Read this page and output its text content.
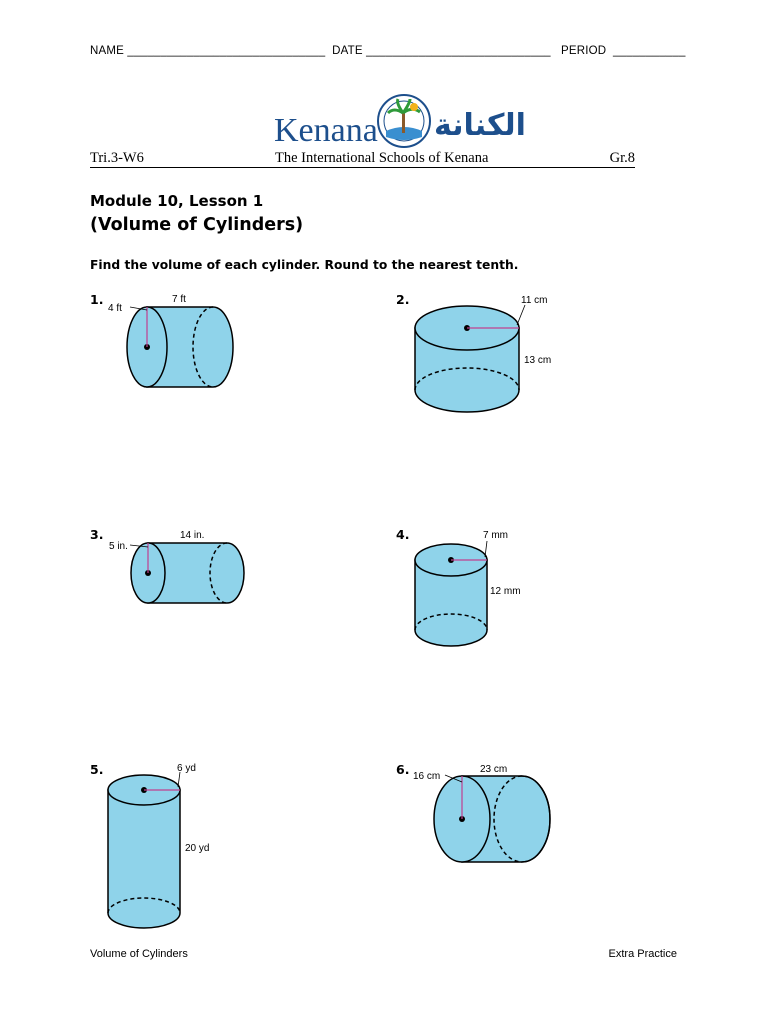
NAME ______________________________  DATE ____________________________   PERIOD  ___________
Kenana الكنانة
Tri.3-W6	The International Schools of Kenana	Gr.8
Module 10, Lesson 1
(Volume of Cylinders)
Find the volume of each cylinder. Round to the nearest tenth.
1.	2.
3.	4.
5.	6.
4 ft
7 ft	11 cm
13 cm
5 in.
14 in.	7 mm
12 mm
6 yd
20 yd
16 cm
23 cm
Volume of Cylinders	Extra Practice
